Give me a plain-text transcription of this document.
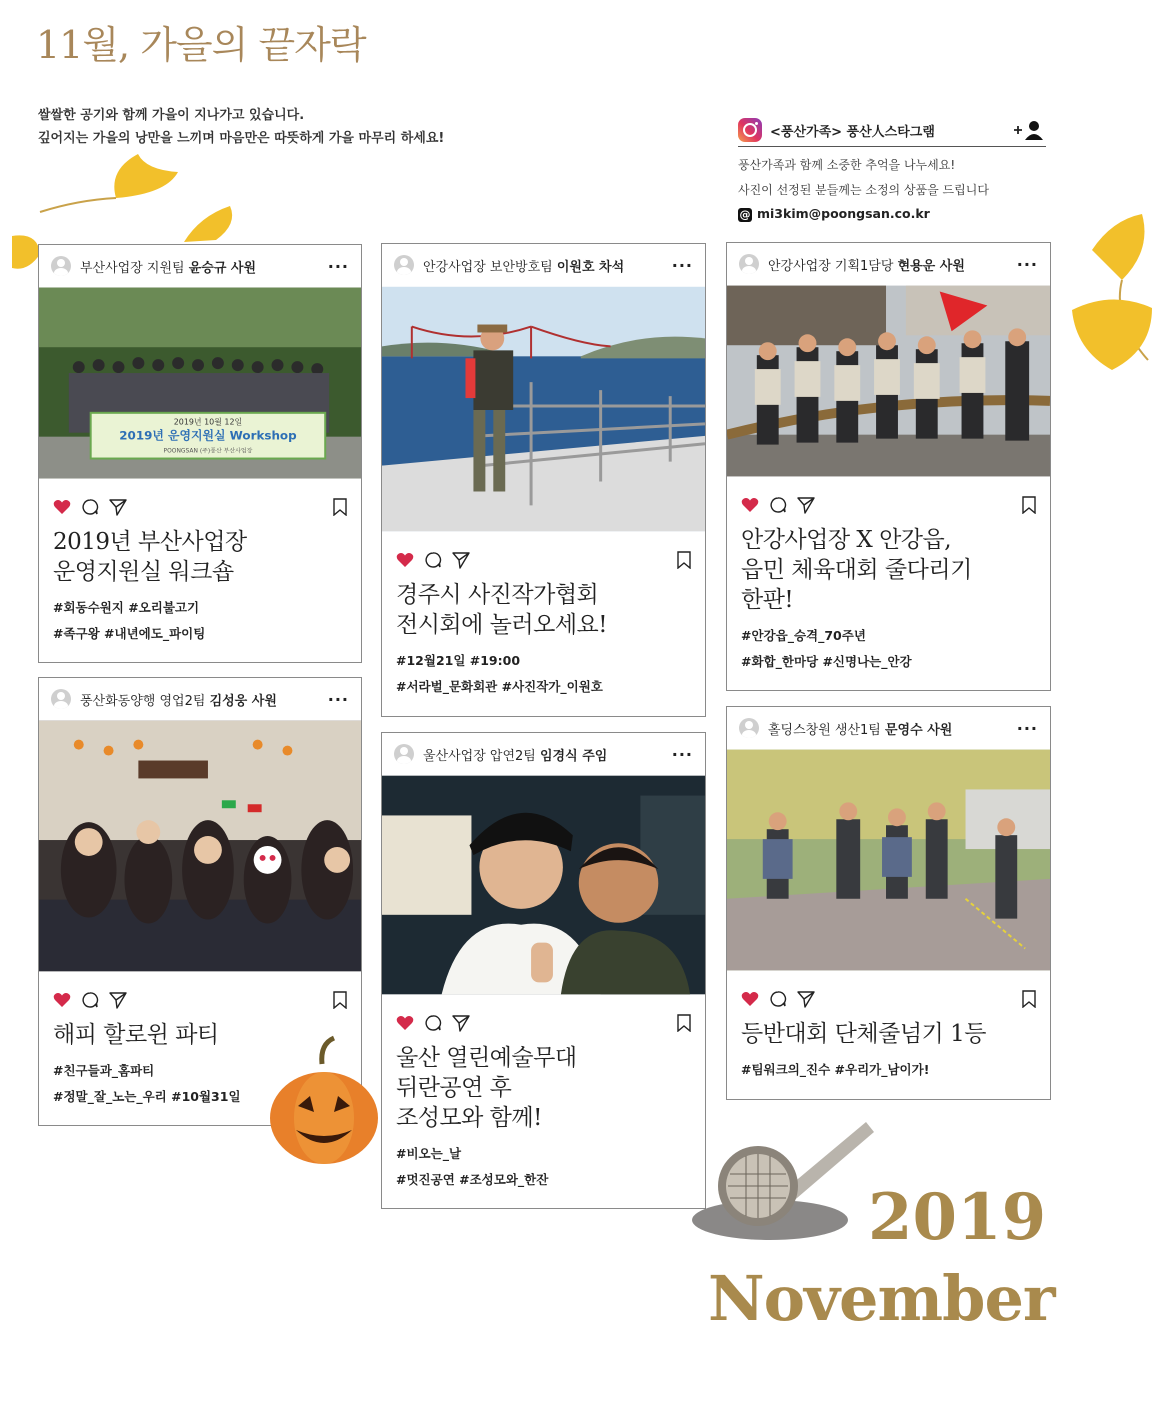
11월, 가을의 끝자락
쌀쌀한 공기와 함께 가을이 지나가고 있습니다.
깊어지는 가을의 낭만을 느끼며 마음만은 따뜻하게 가을 마무리 하세요!	<풍산가족> 풍산人스타그램
풍산가족과 함께 소중한 추억을 나누세요!
사진이 선정된 분들께는 소정의 상품을 드립니다
@ mi3kim@poongsan.co.kr
부산사업장 지원팀 윤승규 사원	···
2019년 10월 12일
2019년 운영지원실 Workshop
POONGSAN (주)풍산 부산사업장
2019년 부산사업장
운영지원실 워크숍
#회동수원지 #오리불고기
#족구왕 #내년에도_파이팅
풍산화동양행 영업2팀 김성웅 사원	···
해피 할로윈 파티
#친구들과_홈파티
#정말_잘_노는_우리 #10월31일
안강사업장 보안방호팀 이원호 차석	···
경주시 사진작가협회
전시회에 놀러오세요!
#12월21일 #19:00
#서라벌_문화회관 #사진작가_이원호
울산사업장 압연2팀 임경식 주임	···
울산 열린예술무대
뒤란공연 후
조성모와 함께!
#비오는_날
#멋진공연 #조성모와_한잔
안강사업장 기획1담당 현용운 사원	···
안강사업장 X 안강읍,
읍민 체육대회 줄다리기
한판!
#안강읍_승격_70주년
#화합_한마당 #신명나는_안강
홀딩스창원 생산1팀 문영수 사원	···
등반대회 단체줄넘기 1등
#팀워크의_진수 #우리가_남이가!
2019
November
